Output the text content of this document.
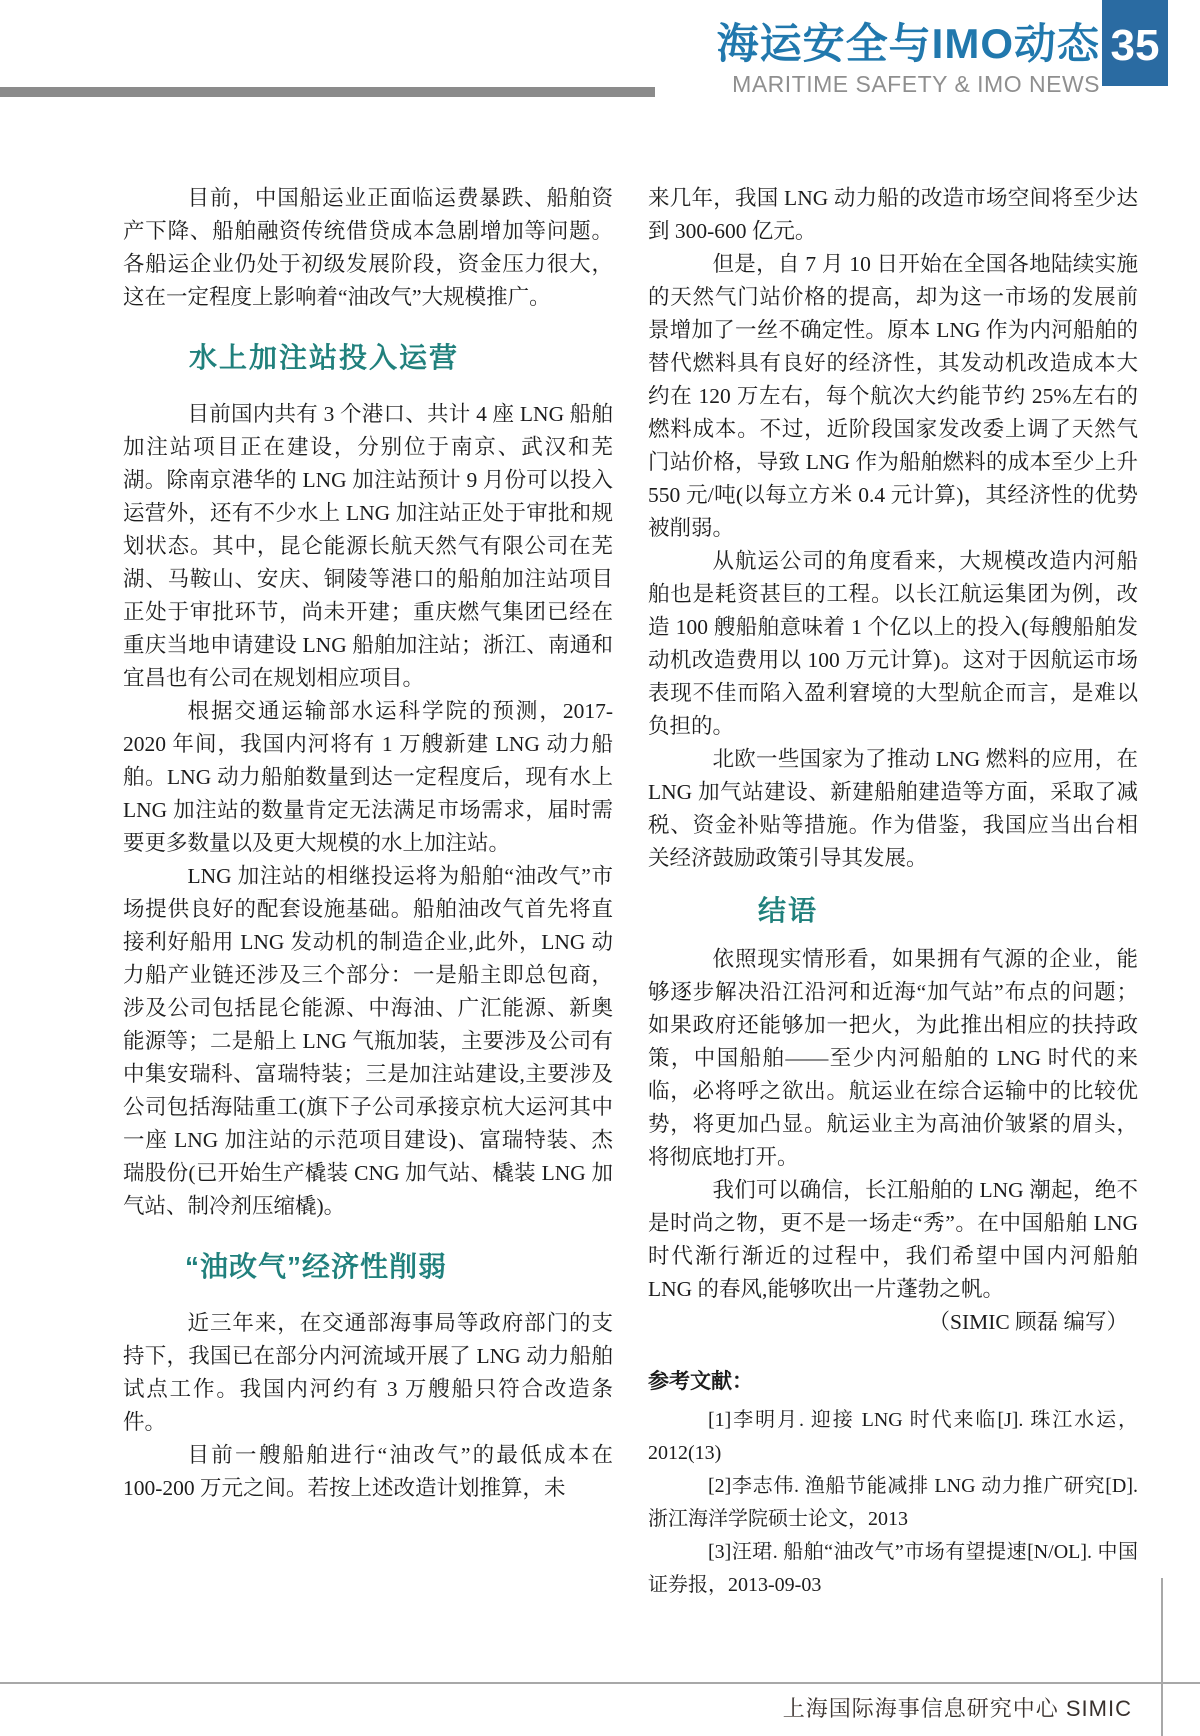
海运安全与IMO动态
MARITIME SAFETY & IMO NEWS
35

目前，中国船运业正面临运费暴跌、船舶资产下降、船舶融资传统借贷成本急剧增加等问题。各船运企业仍处于初级发展阶段，资金压力很大，这在一定程度上影响着“油改气”大规模推广。

水上加注站投入运营

目前国内共有 3 个港口、共计 4 座 LNG 船舶加注站项目正在建设，分别位于南京、武汉和芜湖。除南京港华的 LNG 加注站预计 9 月份可以投入运营外，还有不少水上 LNG 加注站正处于审批和规划状态。其中，昆仑能源长航天然气有限公司在芜湖、马鞍山、安庆、铜陵等港口的船舶加注站项目正处于审批环节，尚未开建；重庆燃气集团已经在重庆当地申请建设 LNG 船舶加注站；浙江、南通和宜昌也有公司在规划相应项目。

根据交通运输部水运科学院的预测，2017-2020 年间，我国内河将有 1 万艘新建 LNG 动力船舶。LNG 动力船舶数量到达一定程度后，现有水上 LNG 加注站的数量肯定无法满足市场需求，届时需要更多数量以及更大规模的水上加注站。

LNG 加注站的相继投运将为船舶“油改气”市场提供良好的配套设施基础。船舶油改气首先将直接利好船用 LNG 发动机的制造企业,此外，LNG 动力船产业链还涉及三个部分：一是船主即总包商，涉及公司包括昆仑能源、中海油、广汇能源、新奥能源等；二是船上 LNG 气瓶加装，主要涉及公司有中集安瑞科、富瑞特装；三是加注站建设,主要涉及公司包括海陆重工(旗下子公司承接京杭大运河其中一座 LNG 加注站的示范项目建设)、富瑞特装、杰瑞股份(已开始生产橇装 CNG 加气站、橇装 LNG 加气站、制冷剂压缩橇)。

“油改气”经济性削弱

近三年来，在交通部海事局等政府部门的支持下，我国已在部分内河流域开展了 LNG 动力船舶试点工作。我国内河约有 3 万艘船只符合改造条件。

目前一艘船舶进行“油改气”的最低成本在 100-200 万元之间。若按上述改造计划推算，未

来几年，我国 LNG 动力船的改造市场空间将至少达到 300-600 亿元。

但是，自 7 月 10 日开始在全国各地陆续实施的天然气门站价格的提高，却为这一市场的发展前景增加了一丝不确定性。原本 LNG 作为内河船舶的替代燃料具有良好的经济性，其发动机改造成本大约在 120 万左右，每个航次大约能节约 25%左右的燃料成本。不过，近阶段国家发改委上调了天然气门站价格，导致 LNG 作为船舶燃料的成本至少上升 550 元/吨(以每立方米 0.4 元计算)，其经济性的优势被削弱。

从航运公司的角度看来，大规模改造内河船舶也是耗资甚巨的工程。以长江航运集团为例，改造 100 艘船舶意味着 1 个亿以上的投入(每艘船舶发动机改造费用以 100 万元计算)。这对于因航运市场表现不佳而陷入盈利窘境的大型航企而言，是难以负担的。

北欧一些国家为了推动 LNG 燃料的应用，在 LNG 加气站建设、新建船舶建造等方面，采取了减税、资金补贴等措施。作为借鉴，我国应当出台相关经济鼓励政策引导其发展。

结语

依照现实情形看，如果拥有气源的企业，能够逐步解决沿江沿河和近海“加气站”布点的问题；如果政府还能够加一把火，为此推出相应的扶持政策，中国船舶——至少内河船舶的 LNG 时代的来临，必将呼之欲出。航运业在综合运输中的比较优势，将更加凸显。航运业主为高油价皱紧的眉头，将彻底地打开。

我们可以确信，长江船舶的 LNG 潮起，绝不是时尚之物，更不是一场走“秀”。在中国船舶 LNG 时代渐行渐近的过程中，我们希望中国内河船舶 LNG 的春风,能够吹出一片蓬勃之帆。

（SIMIC 顾磊 编写）

参考文献：

[1]李明月. 迎接 LNG 时代来临[J]. 珠江水运，2012(13)

[2]李志伟. 渔船节能减排 LNG 动力推广研究[D]. 浙江海洋学院硕士论文，2013

[3]汪珺. 船舶“油改气”市场有望提速[N/OL]. 中国证券报，2013-09-03

上海国际海事信息研究中心 SIMIC
